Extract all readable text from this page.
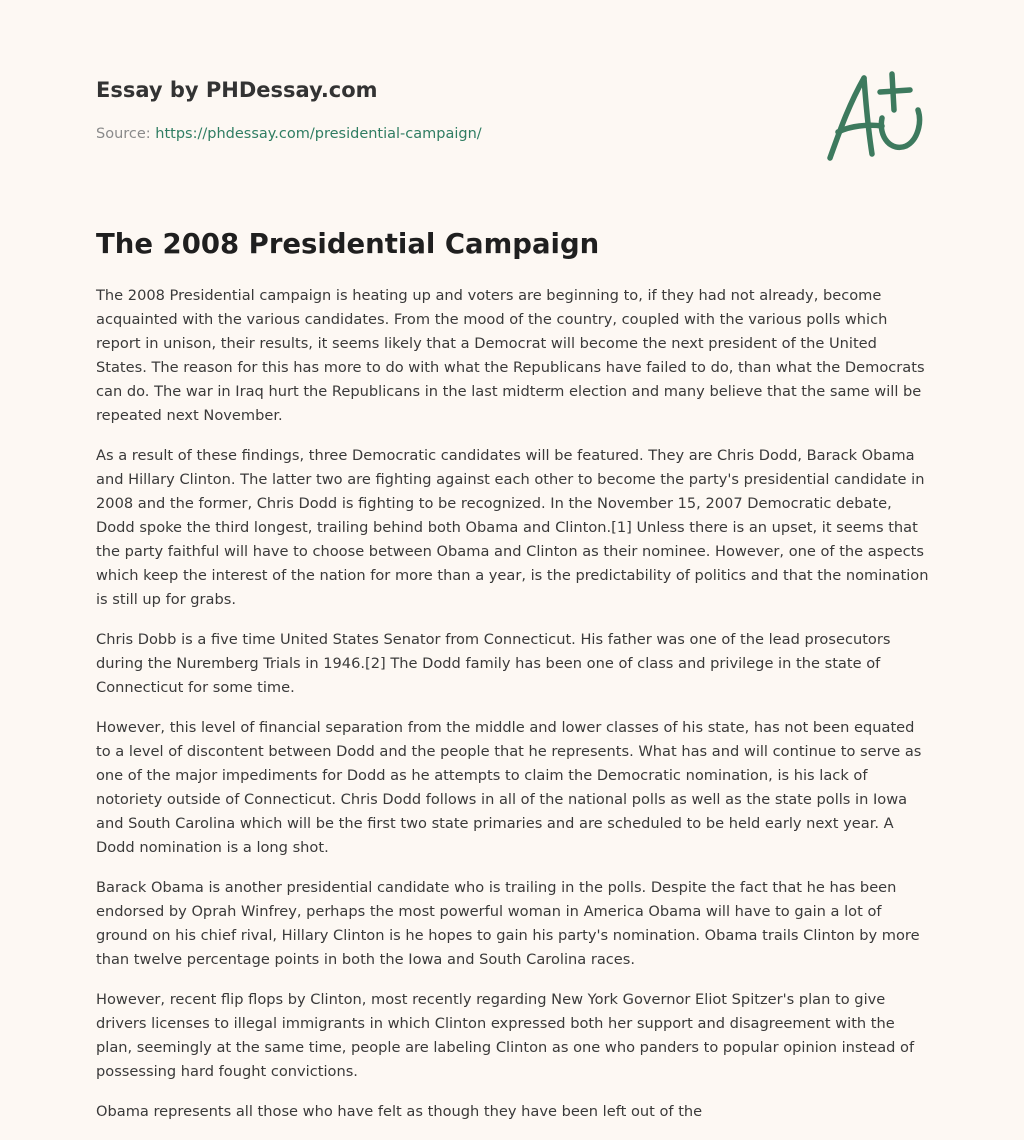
Essay by PHDessay.com
Source: https://phdessay.com/presidential-campaign/
The 2008 Presidential Campaign

The 2008 Presidential campaign is heating up and voters are beginning to, if they had not already, become acquainted with the various candidates. From the mood of the country, coupled with the various polls which report in unison, their results, it seems likely that a Democrat will become the next president of the United States. The reason for this has more to do with what the Republicans have failed to do, than what the Democrats can do. The war in Iraq hurt the Republicans in the last midterm election and many believe that the same will be repeated next November.

As a result of these findings, three Democratic candidates will be featured. They are Chris Dodd, Barack Obama and Hillary Clinton. The latter two are fighting against each other to become the party's presidential candidate in 2008 and the former, Chris Dodd is fighting to be recognized. In the November 15, 2007 Democratic debate, Dodd spoke the third longest, trailing behind both Obama and Clinton.[1] Unless there is an upset, it seems that the party faithful will have to choose between Obama and Clinton as their nominee. However, one of the aspects which keep the interest of the nation for more than a year, is the predictability of politics and that the nomination is still up for grabs.

Chris Dobb is a five time United States Senator from Connecticut. His father was one of the lead prosecutors during the Nuremberg Trials in 1946.[2] The Dodd family has been one of class and privilege in the state of Connecticut for some time.

However, this level of financial separation from the middle and lower classes of his state, has not been equated to a level of discontent between Dodd and the people that he represents. What has and will continue to serve as one of the major impediments for Dodd as he attempts to claim the Democratic nomination, is his lack of notoriety outside of Connecticut. Chris Dodd follows in all of the national polls as well as the state polls in Iowa and South Carolina which will be the first two state primaries and are scheduled to be held early next year. A Dodd nomination is a long shot.

Barack Obama is another presidential candidate who is trailing in the polls. Despite the fact that he has been endorsed by Oprah Winfrey, perhaps the most powerful woman in America Obama will have to gain a lot of ground on his chief rival, Hillary Clinton is he hopes to gain his party's nomination. Obama trails Clinton by more than twelve percentage points in both the Iowa and South Carolina races.

However, recent flip flops by Clinton, most recently regarding New York Governor Eliot Spitzer's plan to give drivers licenses to illegal immigrants in which Clinton expressed both her support and disagreement with the plan, seemingly at the same time, people are labeling Clinton as one who panders to popular opinion instead of possessing hard fought convictions.

Obama represents all those who have felt as though they have been left out of the
